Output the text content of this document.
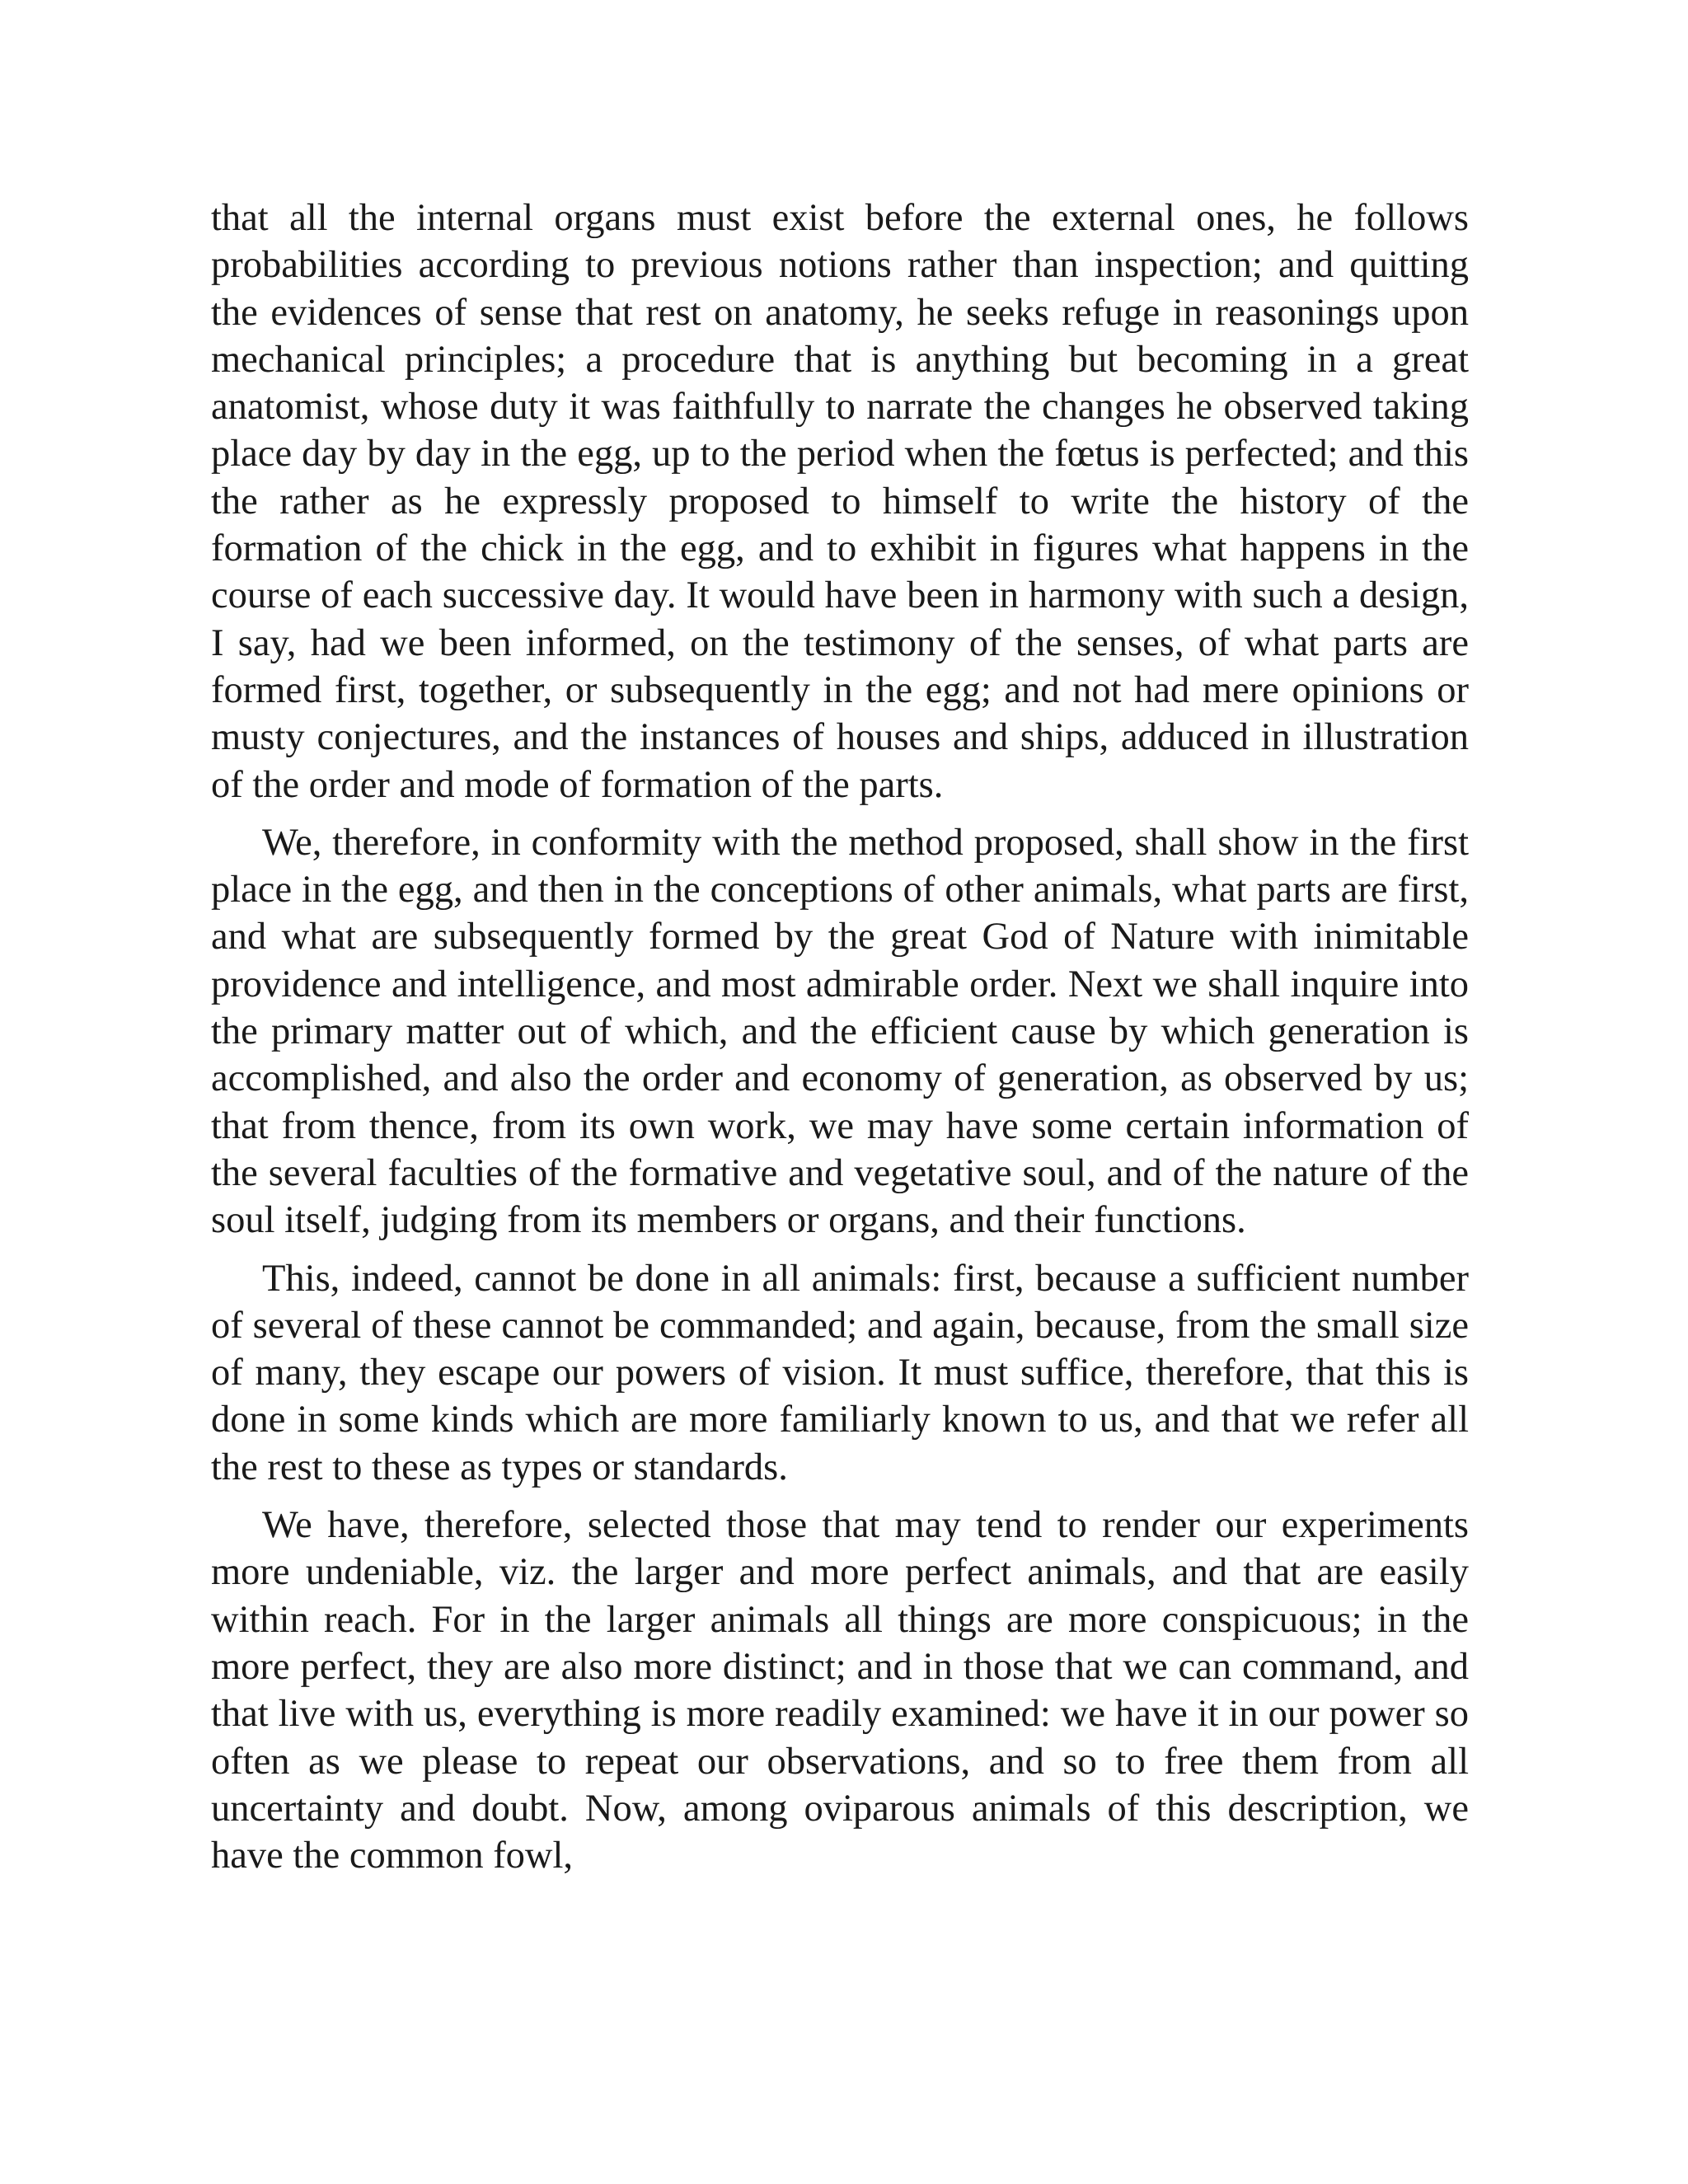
that all the internal organs must exist before the external ones, he follows probabilities according to previous notions rather than inspection; and quitting the evidences of sense that rest on anatomy, he seeks refuge in reasonings upon mechanical principles; a procedure that is anything but becoming in a great anatomist, whose duty it was faithfully to narrate the changes he observed taking place day by day in the egg, up to the period when the fœtus is perfected; and this the rather as he expressly proposed to himself to write the history of the formation of the chick in the egg, and to exhibit in figures what happens in the course of each successive day. It would have been in harmony with such a design, I say, had we been informed, on the testimony of the senses, of what parts are formed first, together, or subsequently in the egg; and not had mere opinions or musty conjectures, and the instances of houses and ships, adduced in illustration of the order and mode of formation of the parts.

We, therefore, in conformity with the method proposed, shall show in the first place in the egg, and then in the conceptions of other animals, what parts are first, and what are subsequently formed by the great God of Nature with inimitable providence and intelligence, and most admirable order. Next we shall inquire into the primary matter out of which, and the efficient cause by which generation is accomplished, and also the order and economy of generation, as observed by us; that from thence, from its own work, we may have some certain information of the several faculties of the formative and vegetative soul, and of the nature of the soul itself, judging from its members or organs, and their functions.

This, indeed, cannot be done in all animals: first, because a sufficient number of several of these cannot be commanded; and again, because, from the small size of many, they escape our powers of vision. It must suffice, therefore, that this is done in some kinds which are more familiarly known to us, and that we refer all the rest to these as types or standards.

We have, therefore, selected those that may tend to render our experiments more undeniable, viz. the larger and more perfect animals, and that are easily within reach. For in the larger animals all things are more conspicuous; in the more perfect, they are also more distinct; and in those that we can command, and that live with us, everything is more readily examined: we have it in our power so often as we please to repeat our observations, and so to free them from all uncertainty and doubt. Now, among oviparous animals of this description, we have the common fowl,
